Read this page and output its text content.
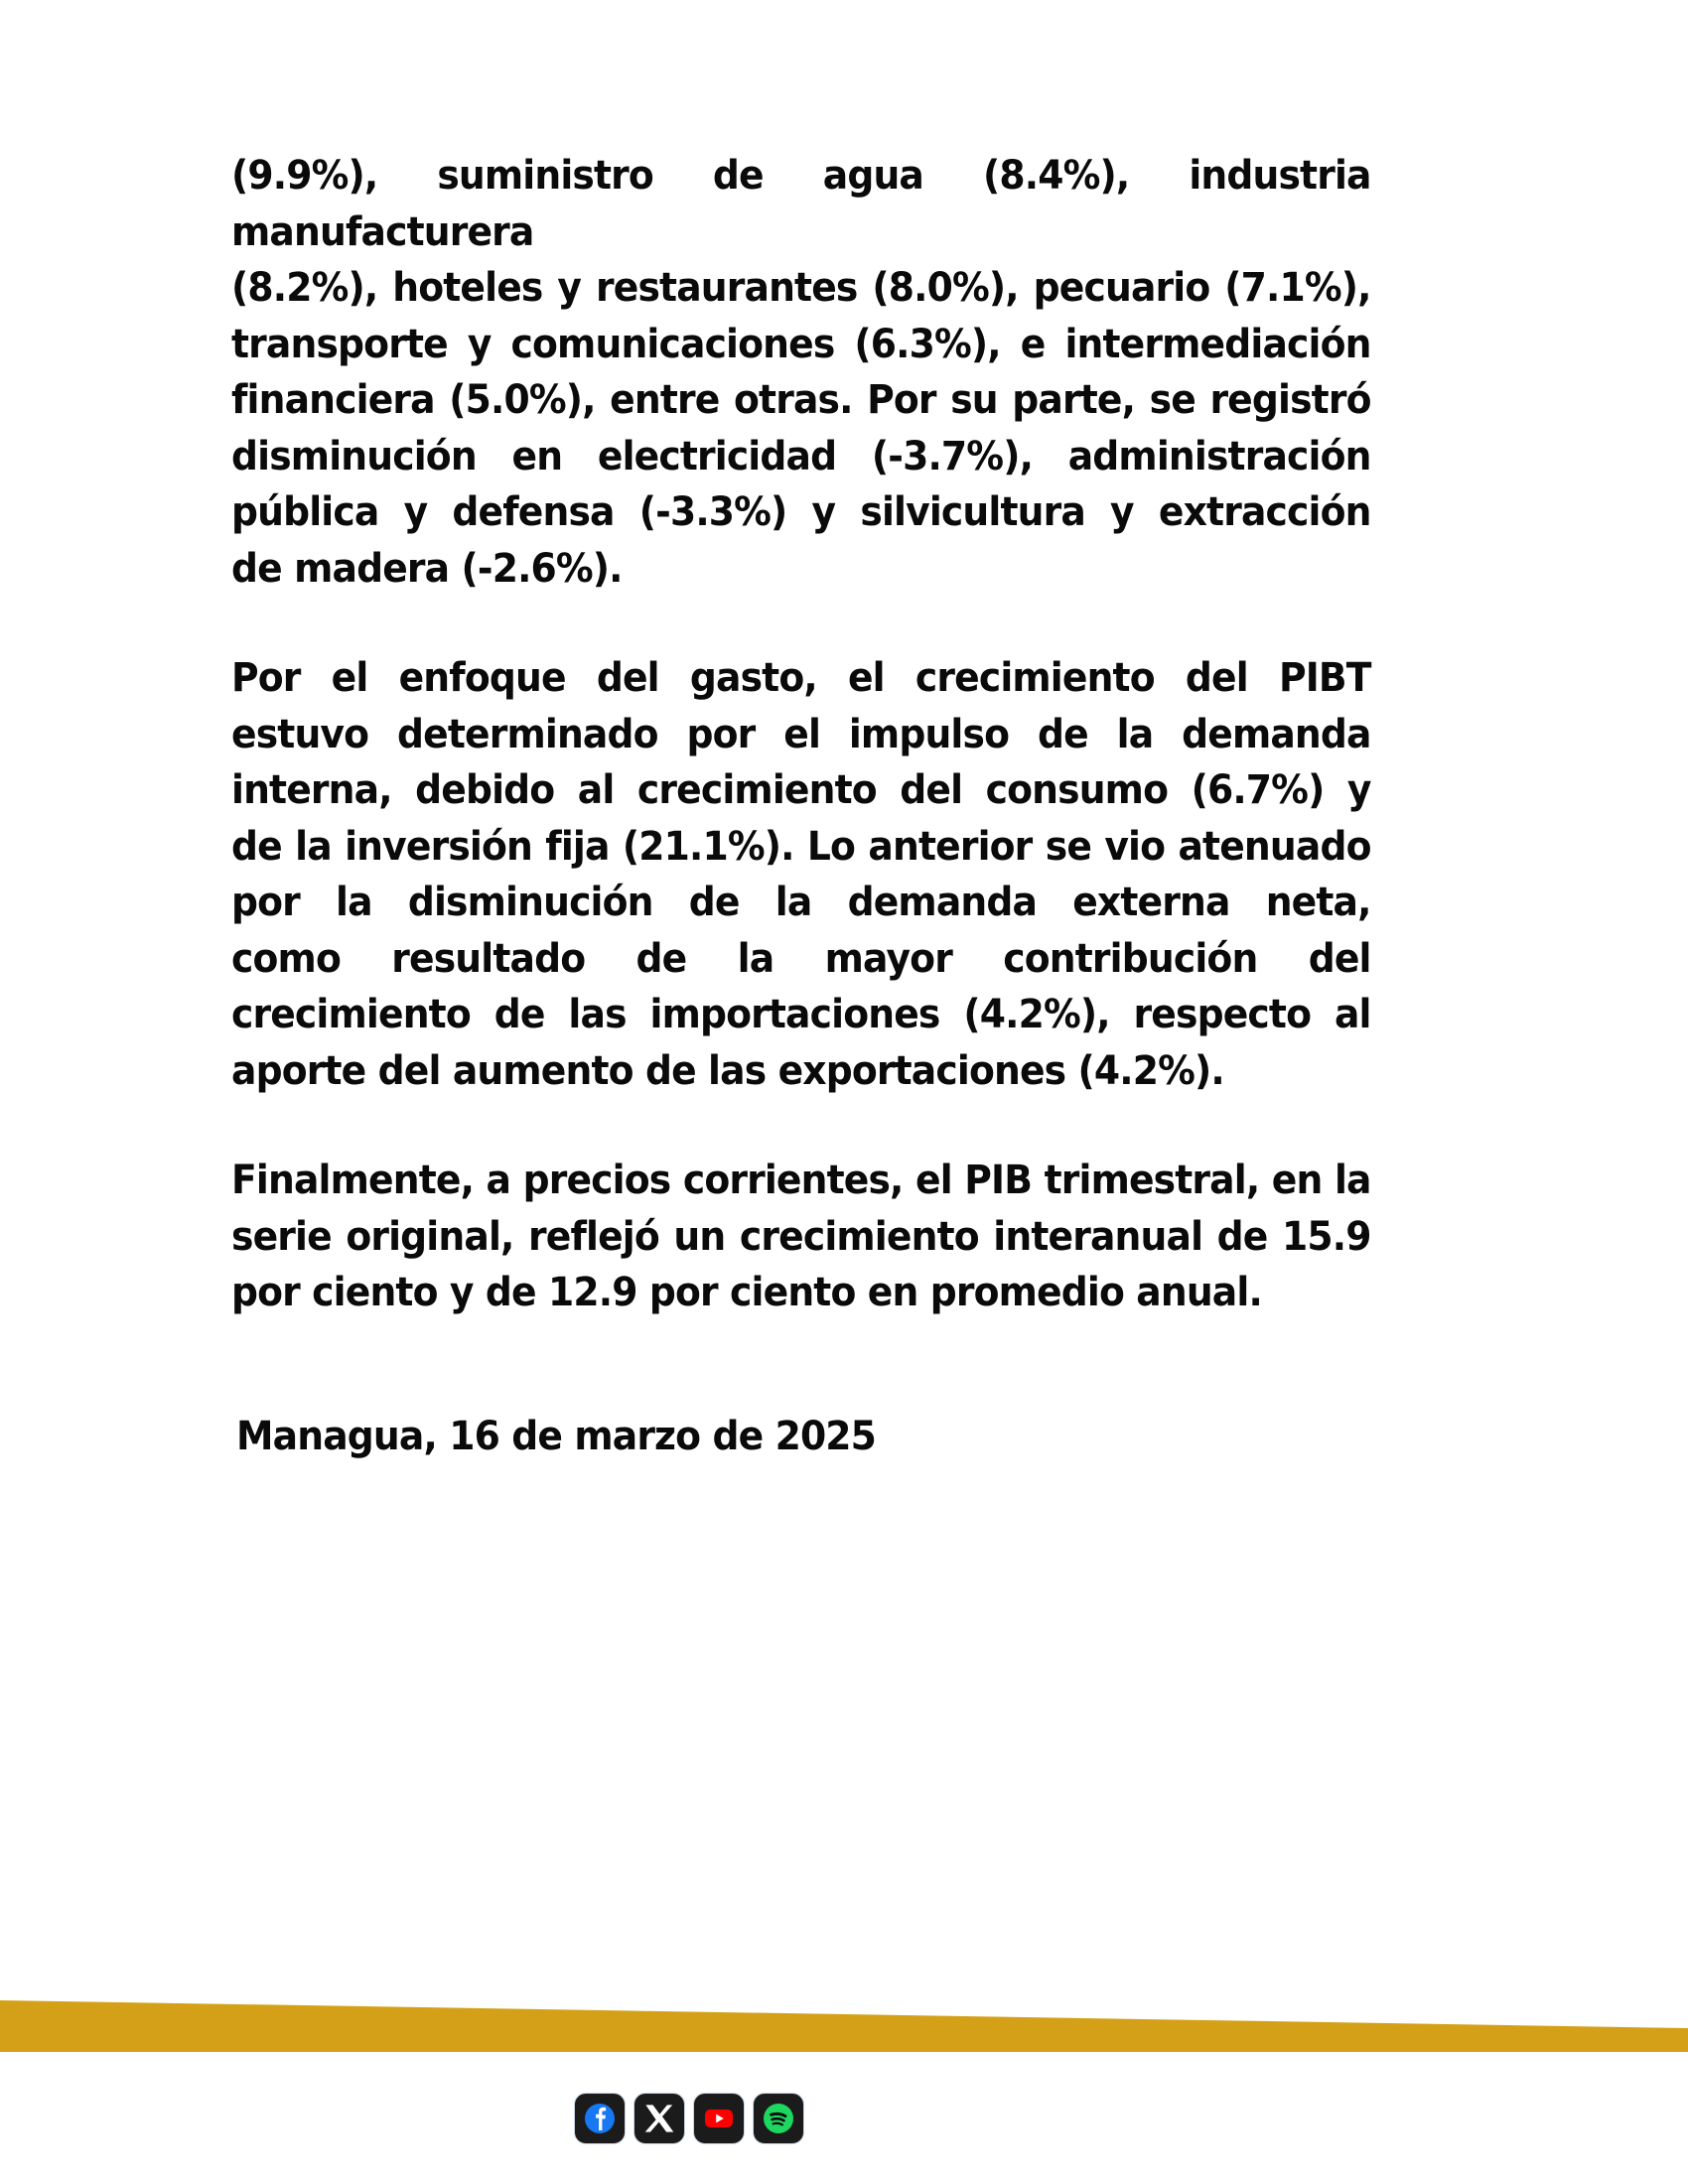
(9.9%), suministro de agua (8.4%), industria manufacturera
(8.2%), hoteles y restaurantes (8.0%), pecuario (7.1%),
transporte y comunicaciones (6.3%), e intermediación
financiera (5.0%), entre otras. Por su parte, se registró
disminución en electricidad (-3.7%), administración
pública y defensa (-3.3%) y silvicultura y extracción
de madera (-2.6%).

Por el enfoque del gasto, el crecimiento del PIBT
estuvo determinado por el impulso de la demanda
interna, debido al crecimiento del consumo (6.7%) y
de la inversión fija (21.1%). Lo anterior se vio atenuado
por la disminución de la demanda externa neta,
como resultado de la mayor contribución del
crecimiento de las importaciones (4.2%), respecto al
aporte del aumento de las exportaciones (4.2%).

Finalmente, a precios corrientes, el PIB trimestral, en la
serie original, reflejó un crecimiento interanual de 15.9
por ciento y de 12.9 por ciento en promedio anual.

Managua, 16 de marzo de 2025
www.bcn.gob.ni
